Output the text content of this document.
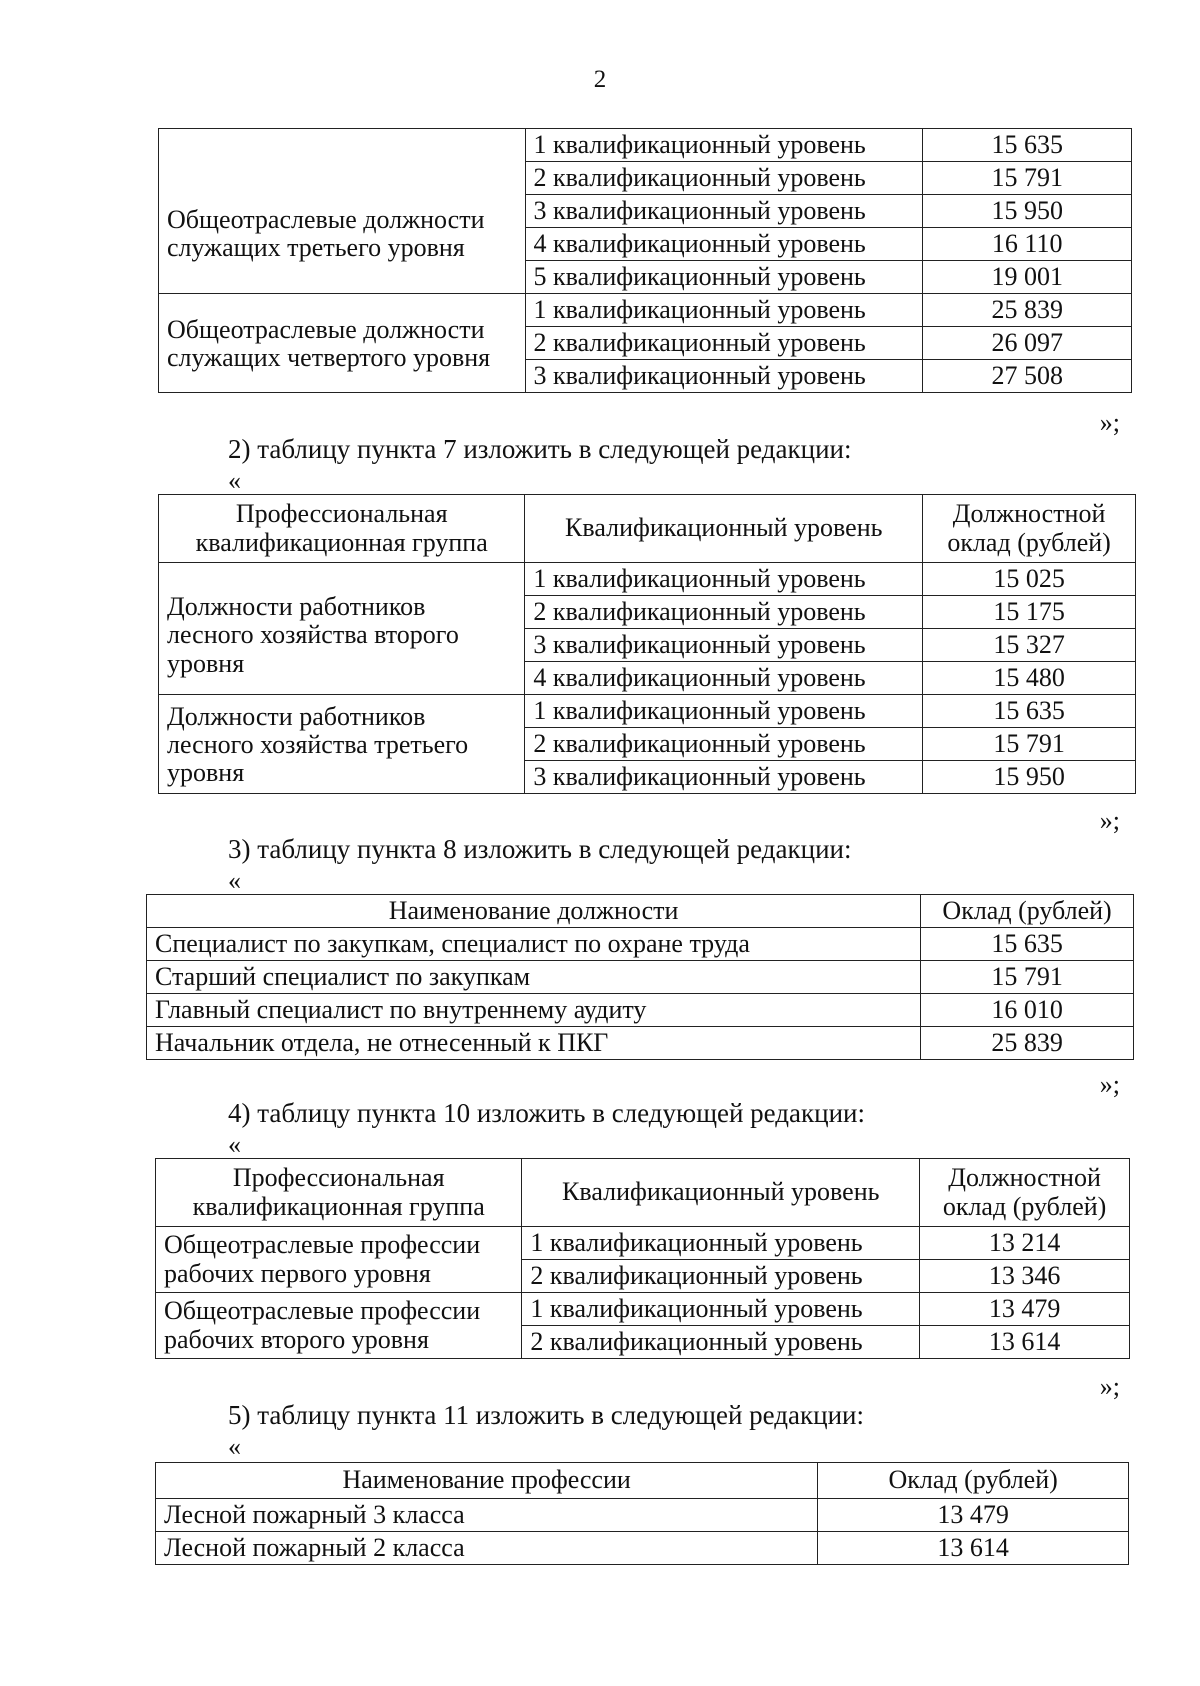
2
Общеотраслевые должности служащих третьего уровня	1 квалификационный уровень	15 635
	2 квалификационный уровень	15 791
	3 квалификационный уровень	15 950
	4 квалификационный уровень	16 110
	5 квалификационный уровень	19 001
Общеотраслевые должности служащих четвертого уровня	1 квалификационный уровень	25 839
	2 квалификационный уровень	26 097
	3 квалификационный уровень	27 508
»;
2) таблицу пункта 7 изложить в следующей редакции:
«
Профессиональная квалификационная группа	Квалификационный уровень	Должностной оклад (рублей)
Должности работников лесного хозяйства второго уровня	1 квалификационный уровень	15 025
	2 квалификационный уровень	15 175
	3 квалификационный уровень	15 327
	4 квалификационный уровень	15 480
Должности работников лесного хозяйства третьего уровня	1 квалификационный уровень	15 635
	2 квалификационный уровень	15 791
	3 квалификационный уровень	15 950
»;
3) таблицу пункта 8 изложить в следующей редакции:
«
Наименование должности	Оклад (рублей)
Специалист по закупкам, специалист по охране труда	15 635
Старший специалист по закупкам	15 791
Главный специалист по внутреннему аудиту	16 010
Начальник отдела, не отнесенный к ПКГ	25 839
»;
4) таблицу пункта 10 изложить в следующей редакции:
«
Профессиональная квалификационная группа	Квалификационный уровень	Должностной оклад (рублей)
Общеотраслевые профессии рабочих первого уровня	1 квалификационный уровень	13 214
	2 квалификационный уровень	13 346
Общеотраслевые профессии рабочих второго уровня	1 квалификационный уровень	13 479
	2 квалификационный уровень	13 614
»;
5) таблицу пункта 11 изложить в следующей редакции:
«
Наименование профессии	Оклад (рублей)
Лесной пожарный 3 класса	13 479
Лесной пожарный 2 класса	13 614
